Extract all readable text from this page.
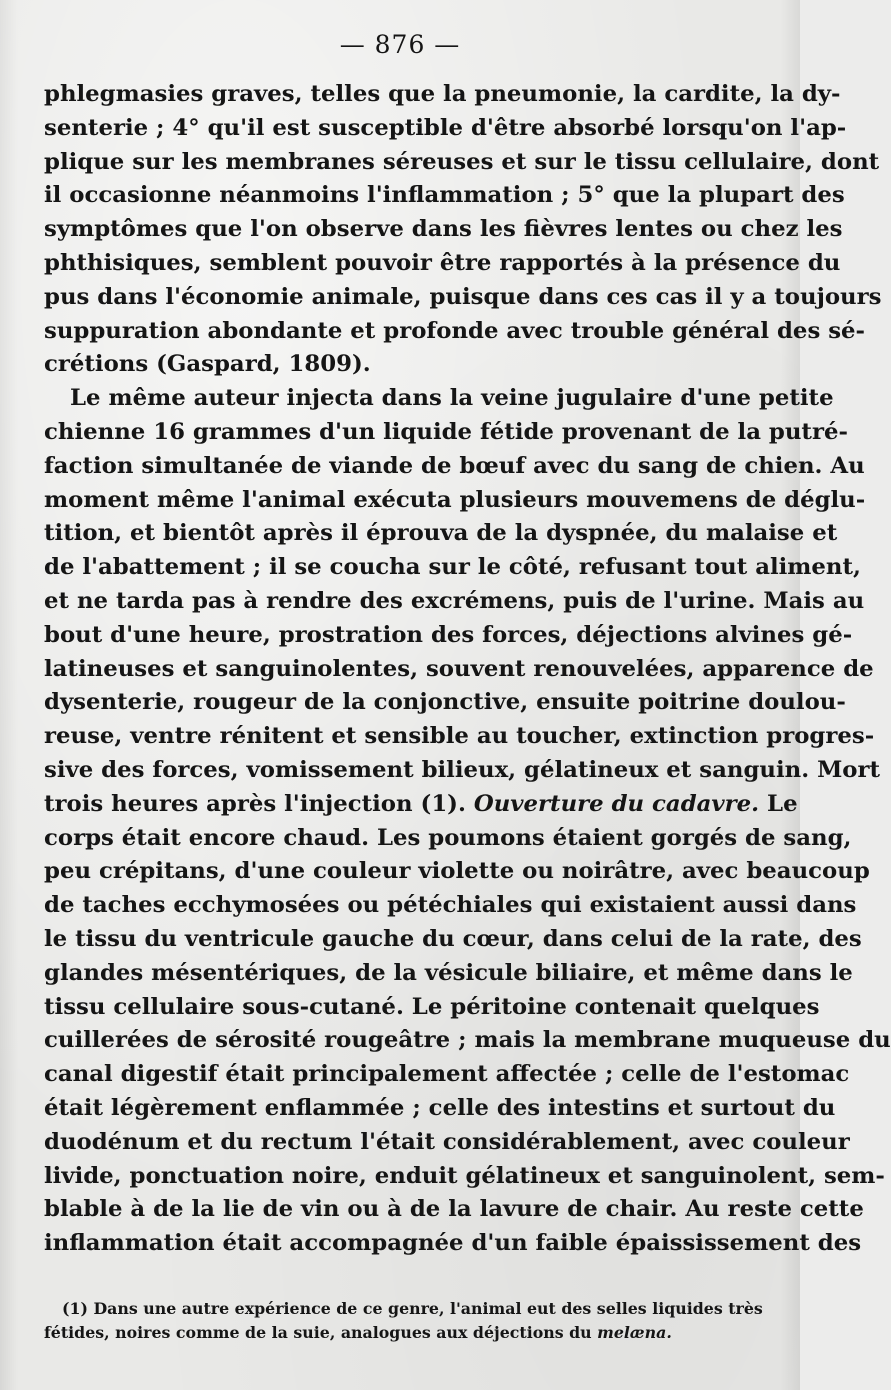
— 876 —
phlegmasies graves, telles que la pneumonie, la cardite, la dy-
senterie ; 4° qu'il est susceptible d'être absorbé lorsqu'on l'ap-
plique sur les membranes séreuses et sur le tissu cellulaire, dont
il occasionne néanmoins l'inflammation ; 5° que la plupart des
symptômes que l'on observe dans les fièvres lentes ou chez les
phthisiques, semblent pouvoir être rapportés à la présence du
pus dans l'économie animale, puisque dans ces cas il y a toujours
suppuration abondante et profonde avec trouble général des sé-
crétions (Gaspard, 1809).
Le même auteur injecta dans la veine jugulaire d'une petite
chienne 16 grammes d'un liquide fétide provenant de la putré-
faction simultanée de viande de bœuf avec du sang de chien. Au
moment même l'animal exécuta plusieurs mouvemens de déglu-
tition, et bientôt après il éprouva de la dyspnée, du malaise et
de l'abattement ; il se coucha sur le côté, refusant tout aliment,
et ne tarda pas à rendre des excrémens, puis de l'urine. Mais au
bout d'une heure, prostration des forces, déjections alvines gé-
latineuses et sanguinolentes, souvent renouvelées, apparence de
dysenterie, rougeur de la conjonctive, ensuite poitrine doulou-
reuse, ventre rénitent et sensible au toucher, extinction progres-
sive des forces, vomissement bilieux, gélatineux et sanguin. Mort
trois heures après l'injection (1). Ouverture du cadavre. Le
corps était encore chaud. Les poumons étaient gorgés de sang,
peu crépitans, d'une couleur violette ou noirâtre, avec beaucoup
de taches ecchymosées ou pétéchiales qui existaient aussi dans
le tissu du ventricule gauche du cœur, dans celui de la rate, des
glandes mésentériques, de la vésicule biliaire, et même dans le
tissu cellulaire sous-cutané. Le péritoine contenait quelques
cuillerées de sérosité rougeâtre ; mais la membrane muqueuse du
canal digestif était principalement affectée ; celle de l'estomac
était légèrement enflammée ; celle des intestins et surtout du
duodénum et du rectum l'était considérablement, avec couleur
livide, ponctuation noire, enduit gélatineux et sanguinolent, sem-
blable à de la lie de vin ou à de la lavure de chair. Au reste cette
inflammation était accompagnée d'un faible épaississement des
(1) Dans une autre expérience de ce genre, l'animal eut des selles liquides très
fétides, noires comme de la suie, analogues aux déjections du melæna.
